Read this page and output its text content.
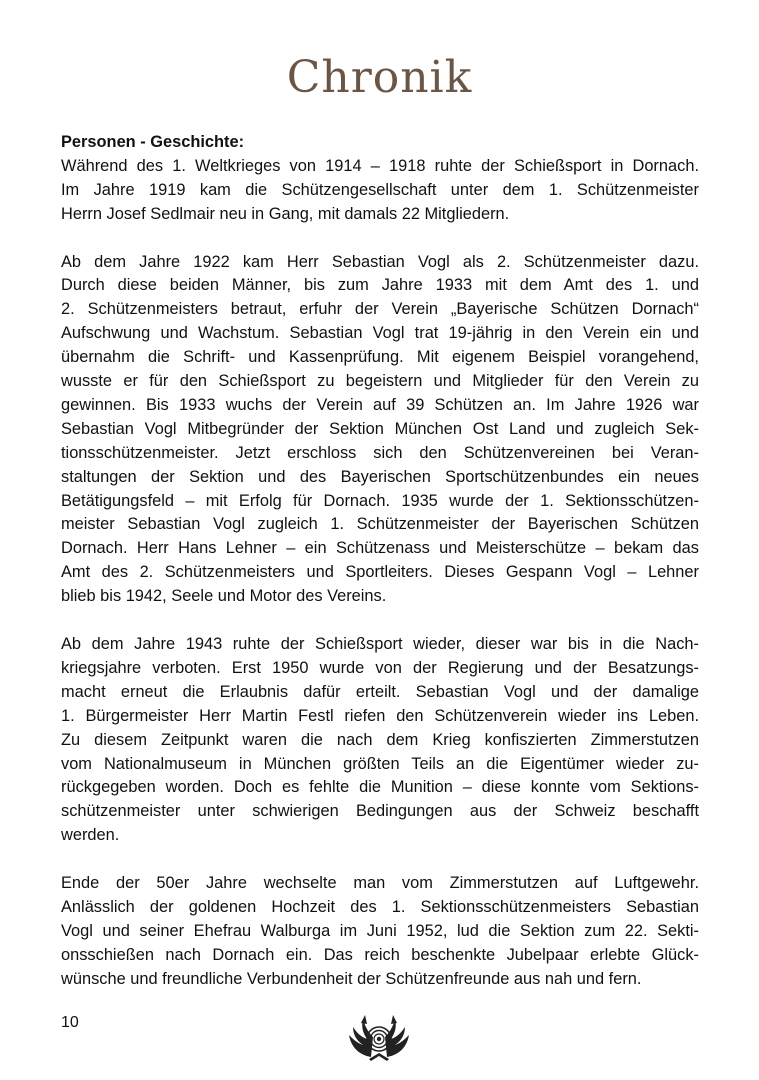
Chronik
Personen - Geschichte:
Während des 1. Weltkrieges von 1914 – 1918 ruhte der Schießsport in Dornach.
Im Jahre 1919 kam die Schützengesellschaft unter dem 1. Schützenmeister
Herrn Josef Sedlmair neu in Gang, mit damals 22 Mitgliedern.
Ab dem Jahre 1922 kam Herr Sebastian Vogl als 2. Schützenmeister dazu.
Durch diese beiden Männer, bis zum Jahre 1933 mit dem Amt des 1. und
2. Schützenmeisters betraut, erfuhr der Verein „Bayerische Schützen Dornach“
Aufschwung und Wachstum. Sebastian Vogl trat 19-jährig in den Verein ein und
übernahm die Schrift- und Kassenprüfung. Mit eigenem Beispiel vorangehend,
wusste er für den Schießsport zu begeistern und Mitglieder für den Verein zu
gewinnen. Bis 1933 wuchs der Verein auf 39 Schützen an. Im Jahre 1926 war
Sebastian Vogl Mitbegründer der Sektion München Ost Land und zugleich Sek-
tionsschützenmeister. Jetzt erschloss sich den Schützenvereinen bei Veran-
staltungen der Sektion und des Bayerischen Sportschützenbundes ein neues
Betätigungsfeld – mit Erfolg für Dornach. 1935 wurde der 1. Sektionsschützen-
meister Sebastian Vogl zugleich 1. Schützenmeister der Bayerischen Schützen
Dornach. Herr Hans Lehner – ein Schützenass und Meisterschütze – bekam das
Amt des 2. Schützenmeisters und Sportleiters. Dieses Gespann Vogl – Lehner
blieb bis 1942, Seele und Motor des Vereins.
Ab dem Jahre 1943 ruhte der Schießsport wieder, dieser war bis in die Nach-
kriegsjahre verboten. Erst 1950 wurde von der Regierung und der Besatzungs-
macht erneut die Erlaubnis dafür erteilt. Sebastian Vogl und der damalige
1. Bürgermeister Herr Martin Festl riefen den Schützenverein wieder ins Leben.
Zu diesem Zeitpunkt waren die nach dem Krieg konfiszierten Zimmerstutzen
vom Nationalmuseum in München größten Teils an die Eigentümer wieder zu-
rückgegeben worden. Doch es fehlte die Munition – diese konnte vom Sektions-
schützenmeister unter schwierigen Bedingungen aus der Schweiz beschafft
werden.
Ende der 50er Jahre wechselte man vom Zimmerstutzen auf Luftgewehr.
Anlässlich der goldenen Hochzeit des 1. Sektionsschützenmeisters Sebastian
Vogl und seiner Ehefrau Walburga im Juni 1952, lud die Sektion zum 22. Sekti-
onsschießen nach Dornach ein. Das reich beschenkte Jubelpaar erlebte Glück-
wünsche und freundliche Verbundenheit der Schützenfreunde aus nah und fern.
10
